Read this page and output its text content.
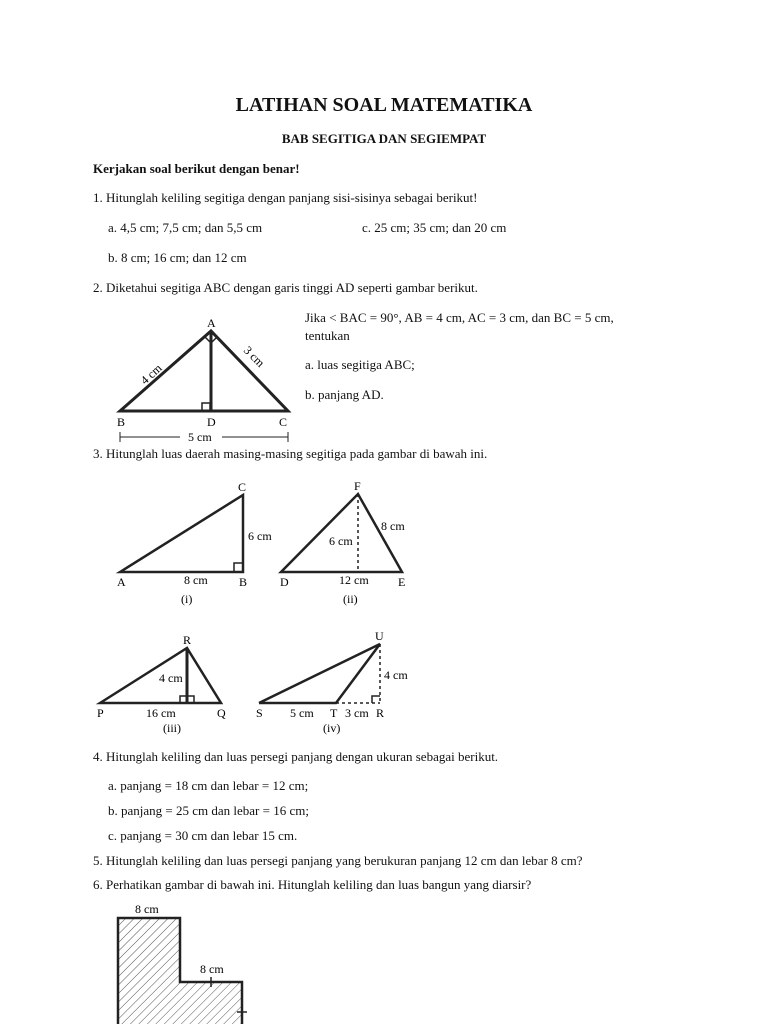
LATIHAN SOAL MATEMATIKA
BAB SEGITIGA DAN SEGIEMPAT
Kerjakan soal berikut dengan benar!
1. Hitunglah keliling segitiga dengan panjang sisi-sisinya sebagai berikut!
a. 4,5 cm; 7,5 cm; dan 5,5 cm	c. 25 cm; 35 cm; dan 20 cm
b. 8 cm; 16 cm; dan 12 cm
2. Diketahui segitiga ABC dengan garis tinggi AD seperti gambar berikut.
Jika < BAC = 90°, AB = 4 cm, AC = 3 cm, dan BC = 5 cm,
tentukan
a. luas segitiga ABC;
b. panjang AD.
A
B	C
D
4 cm
3 cm
5 cm
C
A	B
8 cm
6 cm
(i)
F
D	E
12 cm
6 cm
8 cm
(ii)
R
P	Q
16 cm
4 cm
(iii)
U
S	T	R
5 cm	3 cm
4 cm
(iv)
8 cm
8 cm
3. Hitunglah luas daerah masing-masing segitiga pada gambar di bawah ini.
4. Hitunglah keliling dan luas persegi panjang dengan ukuran sebagai berikut.
a. panjang = 18 cm dan lebar = 12 cm;
b. panjang = 25 cm dan lebar = 16 cm;
c. panjang = 30 cm dan lebar 15 cm.
5. Hitunglah keliling dan luas persegi panjang yang berukuran panjang 12 cm dan lebar 8 cm?
6. Perhatikan gambar di bawah ini. Hitunglah keliling dan luas bangun yang diarsir?
